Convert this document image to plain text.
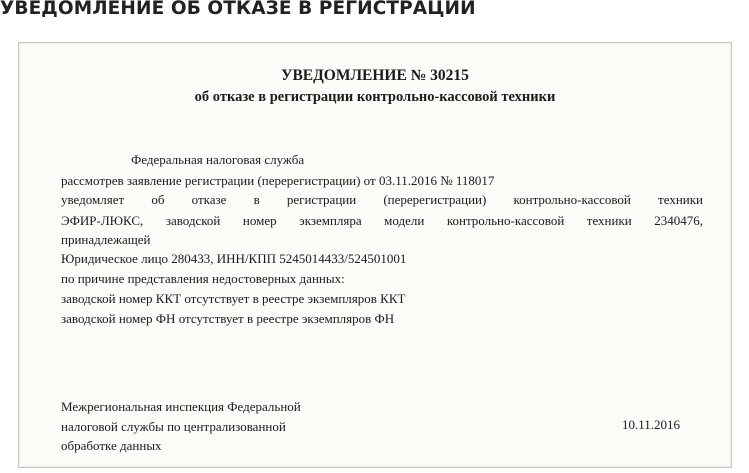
УВЕДОМЛЕНИЕ ОБ ОТКАЗЕ В РЕГИСТРАЦИИ
УВЕДОМЛЕНИЕ № 30215
об отказе в регистрации контрольно-кассовой техники
Федеральная налоговая служба
рассмотрев заявление регистрации (перерегистрации) от 03.11.2016 № 118017
уведомляет об отказе в регистрации (перерегистрации) контрольно-кассовой техники
ЭФИР-ЛЮКС, заводской номер экземпляра модели контрольно-кассовой техники 2340476,
принадлежащей
Юридическое лицо 280433, ИНН/КПП 5245014433/524501001
по причине представления недостоверных данных:
заводской номер ККТ отсутствует в реестре экземпляров ККТ
заводской номер ФН отсутствует в реестре экземпляров ФН
Межрегиональная инспекция Федеральной
налоговой службы по централизованной
обработке данных
10.11.2016
